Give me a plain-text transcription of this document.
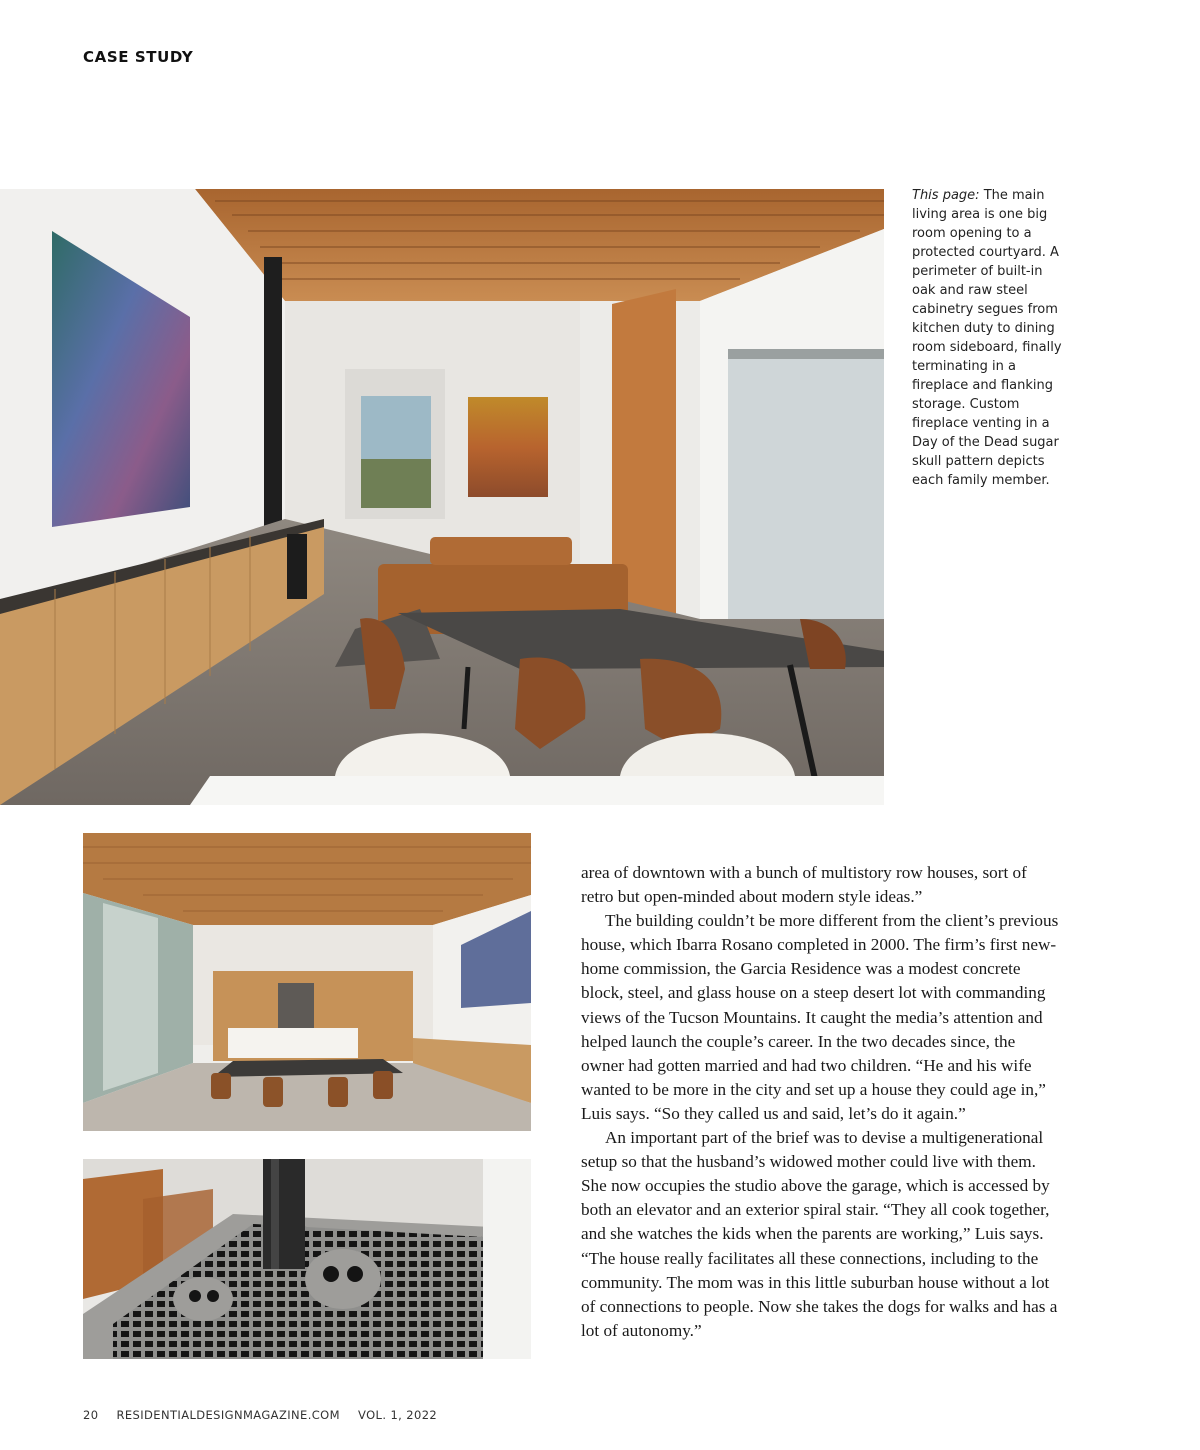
CASE STUDY
This page: The main living area is one big room opening to a protected courtyard. A perimeter of built-in oak and raw steel cabinetry segues from kitchen duty to dining room sideboard, finally terminating in a fireplace and flanking storage. Custom fireplace venting in a Day of the Dead sugar skull pattern depicts each family member.

area of downtown with a bunch of multistory row houses, sort of retro but open-minded about modern style ideas.”

The building couldn’t be more different from the client’s previous house, which Ibarra Rosano completed in 2000. The firm’s first new-home commission, the Garcia Residence was a modest concrete block, steel, and glass house on a steep desert lot with commanding views of the Tucson Mountains. It caught the media’s attention and helped launch the couple’s career. In the two decades since, the owner had gotten married and had two children. “He and his wife wanted to be more in the city and set up a house they could age in,” Luis says. “So they called us and said, let’s do it again.”

An important part of the brief was to devise a multigenerational setup so that the husband’s widowed mother could live with them. She now occupies the studio above the garage, which is accessed by both an elevator and an exterior spiral stair. “They all cook together, and she watches the kids when the parents are working,” Luis says. “The house really facilitates all these connections, including to the community. The mom was in this little suburban house without a lot of connections to people. Now she takes the dogs for walks and has a lot of autonomy.”

20 RESIDENTIALDESIGNMAGAZINE.COM VOL. 1, 2022
